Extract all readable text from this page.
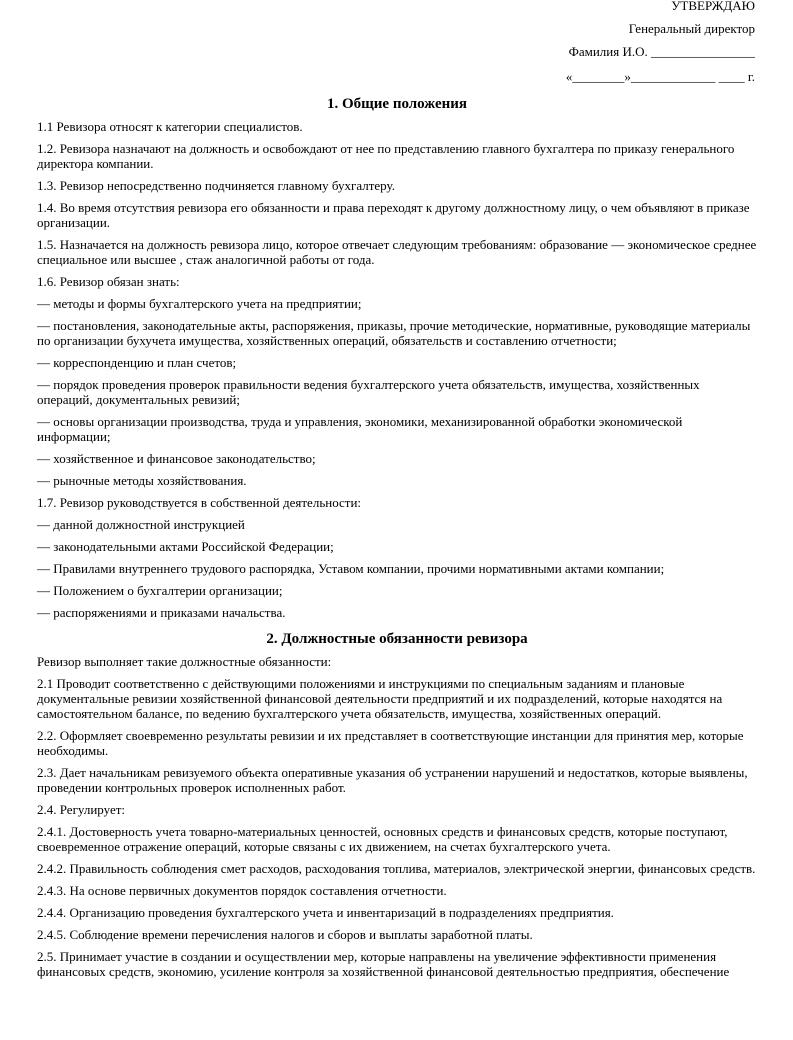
УТВЕРЖДАЮ
Генеральный директор
Фамилия И.О. ________________
«________»_____________ ____ г.
1. Общие положения

1.1 Ревизора относят к категории специалистов.

1.2. Ревизора назначают на должность и освобождают от нее по представлению главного бухгалтера по приказу генерального директора компании.

1.3. Ревизор непосредственно подчиняется главному бухгалтеру.

1.4. Во время отсутствия ревизора его обязанности и права переходят к другому должностному лицу, о чем объявляют в приказе организации.

1.5. Назначается на должность ревизора лицо, которое отвечает следующим требованиям: образование — экономическое среднее специальное или высшее , стаж аналогичной работы от года.

1.6. Ревизор обязан знать:

— методы и формы бухгалтерского учета на предприятии;

— постановления, законодательные акты, распоряжения, приказы, прочие методические, нормативные, руководящие материалы по организации бухучета имущества, хозяйственных операций, обязательств и составлению отчетности;

— корреспонденцию и план счетов;

— порядок проведения проверок правильности ведения бухгалтерского учета обязательств, имущества, хозяйственных операций, документальных ревизий;

— основы организации производства, труда и управления, экономики, механизированной обработки экономической информации;

— хозяйственное и финансовое законодательство;

— рыночные методы хозяйствования.

1.7. Ревизор руководствуется в собственной деятельности:

— данной должностной инструкцией

— законодательными актами Российской Федерации;

— Правилами внутреннего трудового распорядка, Уставом компании, прочими нормативными актами компании;

— Положением о бухгалтерии организации;

— распоряжениями и приказами начальства.

2. Должностные обязанности ревизора

Ревизор выполняет такие должностные обязанности:

2.1 Проводит соответственно с действующими положениями и инструкциями по специальным заданиям и плановые документальные ревизии хозяйственной финансовой деятельности предприятий и их подразделений, которые находятся на самостоятельном балансе, по ведению бухгалтерского учета обязательств, имущества, хозяйственных операций.

2.2. Оформляет своевременно результаты ревизии и их представляет в соответствующие инстанции для принятия мер, которые необходимы.

2.3. Дает начальникам ревизуемого объекта оперативные указания об устранении нарушений и недостатков, которые выявлены, проведении контрольных проверок исполненных работ.

2.4. Регулирует:

2.4.1. Достоверность учета товарно-материальных ценностей, основных средств и финансовых средств, которые поступают, своевременное отражение операций, которые связаны с их движением, на счетах бухгалтерского учета.

2.4.2. Правильность соблюдения смет расходов, расходования топлива, материалов, электрической энергии, финансовых средств.

2.4.3. На основе первичных документов порядок составления отчетности.

2.4.4. Организацию проведения бухгалтерского учета и инвентаризаций в подразделениях предприятия.

2.4.5. Соблюдение времени перечисления налогов и сборов и выплаты заработной платы.

2.5. Принимает участие в создании и осуществлении мер, которые направлены на увеличение эффективности применения финансовых средств, экономию, усиление контроля за хозяйственной финансовой деятельностью предприятия, обеспечение
